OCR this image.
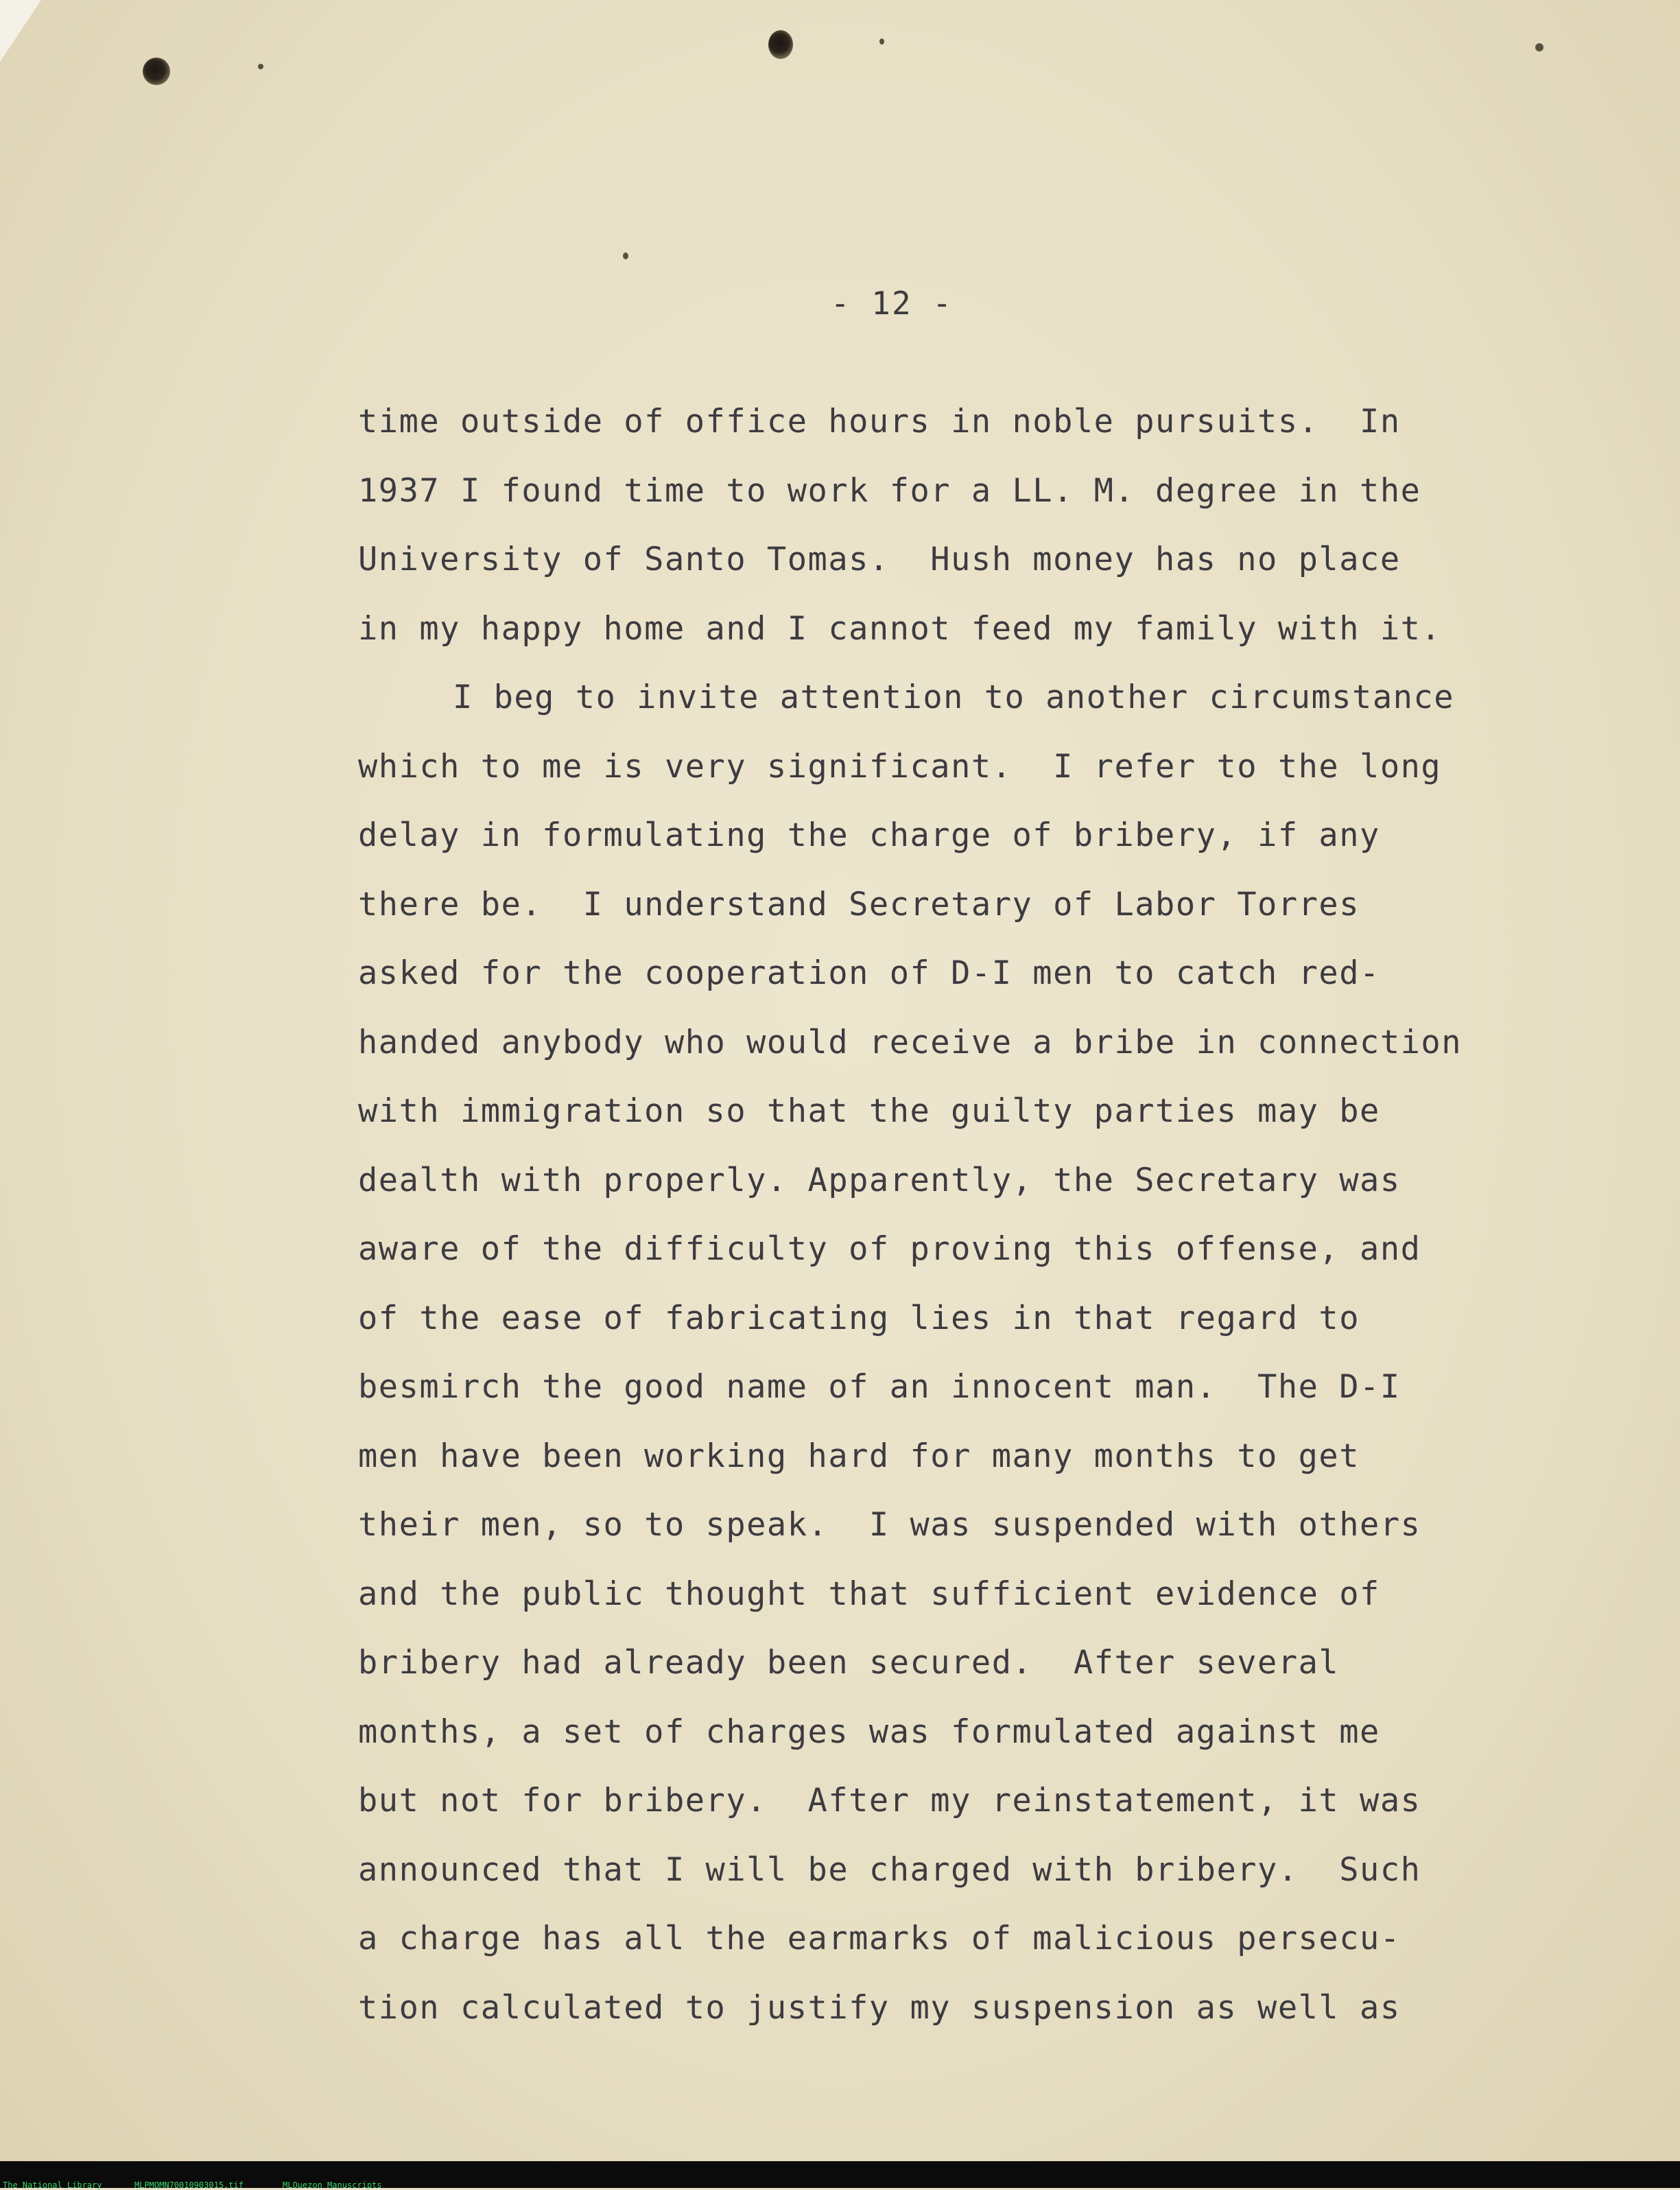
- 12 -
time outside of office hours in noble pursuits.  In
1937 I found time to work for a LL. M. degree in the
University of Santo Tomas.  Hush money has no place
in my happy home and I cannot feed my family with it.
I beg to invite attention to another circumstance
which to me is very significant.  I refer to the long
delay in formulating the charge of bribery, if any
there be.  I understand Secretary of Labor Torres
asked for the cooperation of D-I men to catch red-
handed anybody who would receive a bribe in connection
with immigration so that the guilty parties may be
dealth with properly. Apparently, the Secretary was
aware of the difficulty of proving this offense, and
of the ease of fabricating lies in that regard to
besmirch the good name of an innocent man.  The D-I
men have been working hard for many months to get
their men, so to speak.  I was suspended with others
and the public thought that sufficient evidence of
bribery had already been secured.  After several
months, a set of charges was formulated against me
but not for bribery.  After my reinstatement, it was
announced that I will be charged with bribery.  Such
a charge has all the earmarks of malicious persecu-
tion calculated to justify my suspension as well as
The National Library	MLPMQMN70010903015.tif	MLQuezon Manuscripts
